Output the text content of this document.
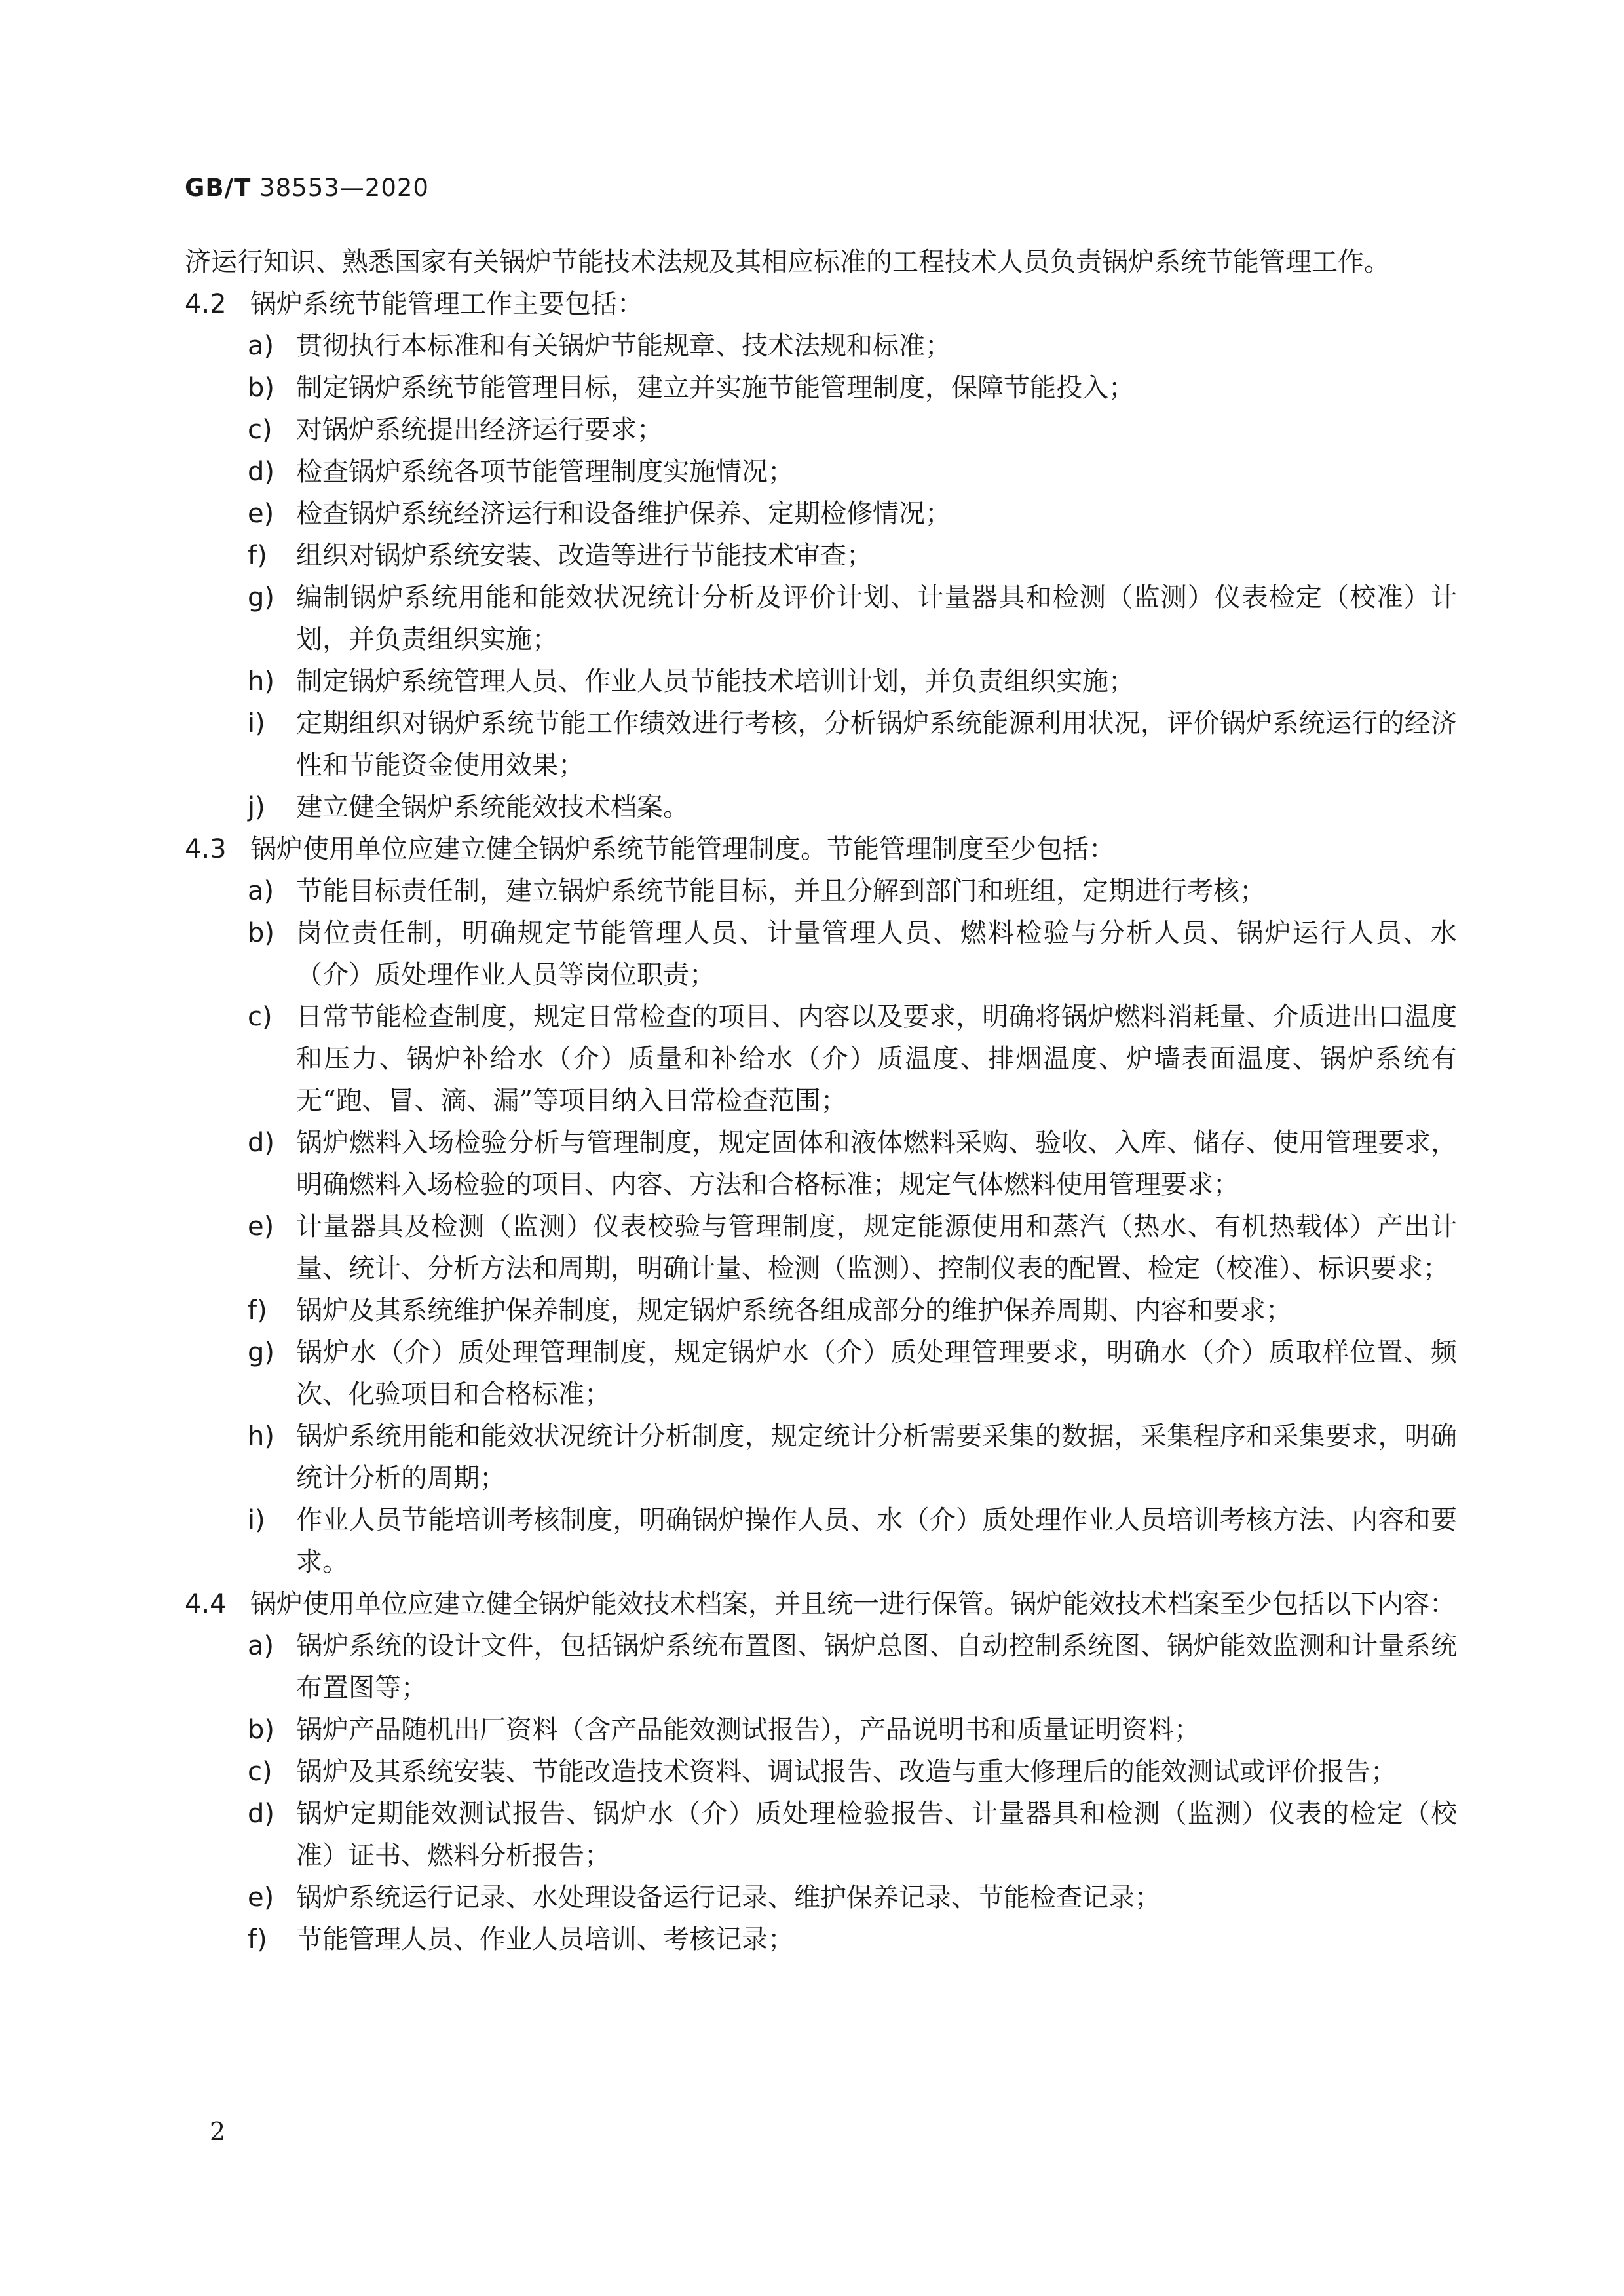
GB/T 38553—2020

济运行知识、熟悉国家有关锅炉节能技术法规及其相应标准的工程技术人员负责锅炉系统节能管理工作。

4.2 锅炉系统节能管理工作主要包括：

a) 贯彻执行本标准和有关锅炉节能规章、技术法规和标准；

b) 制定锅炉系统节能管理目标，建立并实施节能管理制度，保障节能投入；

c) 对锅炉系统提出经济运行要求；

d) 检查锅炉系统各项节能管理制度实施情况；

e) 检查锅炉系统经济运行和设备维护保养、定期检修情况；

f) 组织对锅炉系统安装、改造等进行节能技术审查；

g) 编制锅炉系统用能和能效状况统计分析及评价计划、计量器具和检测（监测）仪表检定（校准）计划，并负责组织实施；

h) 制定锅炉系统管理人员、作业人员节能技术培训计划，并负责组织实施；

i) 定期组织对锅炉系统节能工作绩效进行考核，分析锅炉系统能源利用状况，评价锅炉系统运行的经济性和节能资金使用效果；

j) 建立健全锅炉系统能效技术档案。

4.3 锅炉使用单位应建立健全锅炉系统节能管理制度。节能管理制度至少包括：

a) 节能目标责任制，建立锅炉系统节能目标，并且分解到部门和班组，定期进行考核；

b) 岗位责任制，明确规定节能管理人员、计量管理人员、燃料检验与分析人员、锅炉运行人员、水（介）质处理作业人员等岗位职责；

c) 日常节能检查制度，规定日常检查的项目、内容以及要求，明确将锅炉燃料消耗量、介质进出口温度和压力、锅炉补给水（介）质量和补给水（介）质温度、排烟温度、炉墙表面温度、锅炉系统有无“跑、冒、滴、漏”等项目纳入日常检查范围；

d) 锅炉燃料入场检验分析与管理制度，规定固体和液体燃料采购、验收、入库、储存、使用管理要求，明确燃料入场检验的项目、内容、方法和合格标准；规定气体燃料使用管理要求；

e) 计量器具及检测（监测）仪表校验与管理制度，规定能源使用和蒸汽（热水、有机热载体）产出计量、统计、分析方法和周期，明确计量、检测（监测）、控制仪表的配置、检定（校准）、标识要求；

f) 锅炉及其系统维护保养制度，规定锅炉系统各组成部分的维护保养周期、内容和要求；

g) 锅炉水（介）质处理管理制度，规定锅炉水（介）质处理管理要求，明确水（介）质取样位置、频次、化验项目和合格标准；

h) 锅炉系统用能和能效状况统计分析制度，规定统计分析需要采集的数据，采集程序和采集要求，明确统计分析的周期；

i) 作业人员节能培训考核制度，明确锅炉操作人员、水（介）质处理作业人员培训考核方法、内容和要求。

4.4 锅炉使用单位应建立健全锅炉能效技术档案，并且统一进行保管。锅炉能效技术档案至少包括以下内容：

a) 锅炉系统的设计文件，包括锅炉系统布置图、锅炉总图、自动控制系统图、锅炉能效监测和计量系统布置图等；

b) 锅炉产品随机出厂资料（含产品能效测试报告），产品说明书和质量证明资料；

c) 锅炉及其系统安装、节能改造技术资料、调试报告、改造与重大修理后的能效测试或评价报告；

d) 锅炉定期能效测试报告、锅炉水（介）质处理检验报告、计量器具和检测（监测）仪表的检定（校准）证书、燃料分析报告；

e) 锅炉系统运行记录、水处理设备运行记录、维护保养记录、节能检查记录；

f) 节能管理人员、作业人员培训、考核记录；

2
